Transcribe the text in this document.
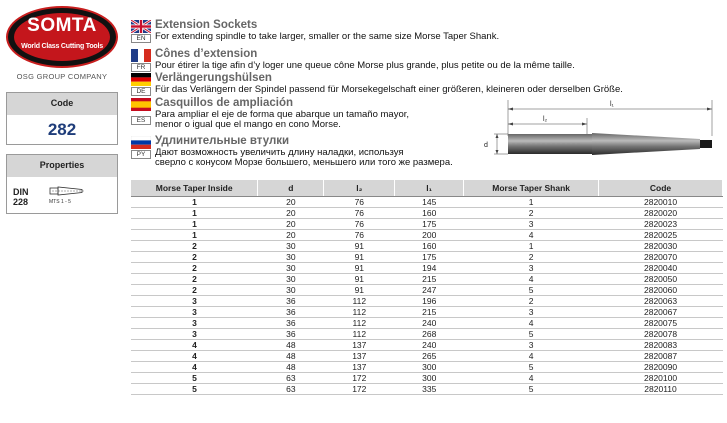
SOMTA
World Class Cutting Tools
OSG GROUP COMPANY
Code
282
Properties
DIN
228	MTS 1 - 5
EN
Extension Sockets
For extending spindle to take larger, smaller or the same size Morse Taper Shank.
FR
Cônes d’extension
Pour étirer la tige afin d’y loger une queue cône Morse plus grande, plus petite ou de la même taille.
DE
Verlängerungshülsen
Für das Verlängern der Spindel passend für Morsekegelschaft einer größeren, kleineren oder derselben Größe.
ES
Casquillos de ampliación
Para ampliar el eje de forma que abarque un tamaño mayor,
menor o igual que el mango en cono Morse.
PY
Удлинительные втулки
Дают возможность увеличить длину наладки, используя
сверло с конусом Морзе большего, меньшего или того же размера.
l₁
l₂
d
Morse Taper Inside	d	l₂	l₁	Morse Taper Shank	Code
1	20	76	145	1	2820010
1	20	76	160	2	2820020
1	20	76	175	3	2820023
1	20	76	200	4	2820025
2	30	91	160	1	2820030
2	30	91	175	2	2820070
2	30	91	194	3	2820040
2	30	91	215	4	2820050
2	30	91	247	5	2820060
3	36	112	196	2	2820063
3	36	112	215	3	2820067
3	36	112	240	4	2820075
3	36	112	268	5	2820078
4	48	137	240	3	2820083
4	48	137	265	4	2820087
4	48	137	300	5	2820090
5	63	172	300	4	2820100
5	63	172	335	5	2820110
